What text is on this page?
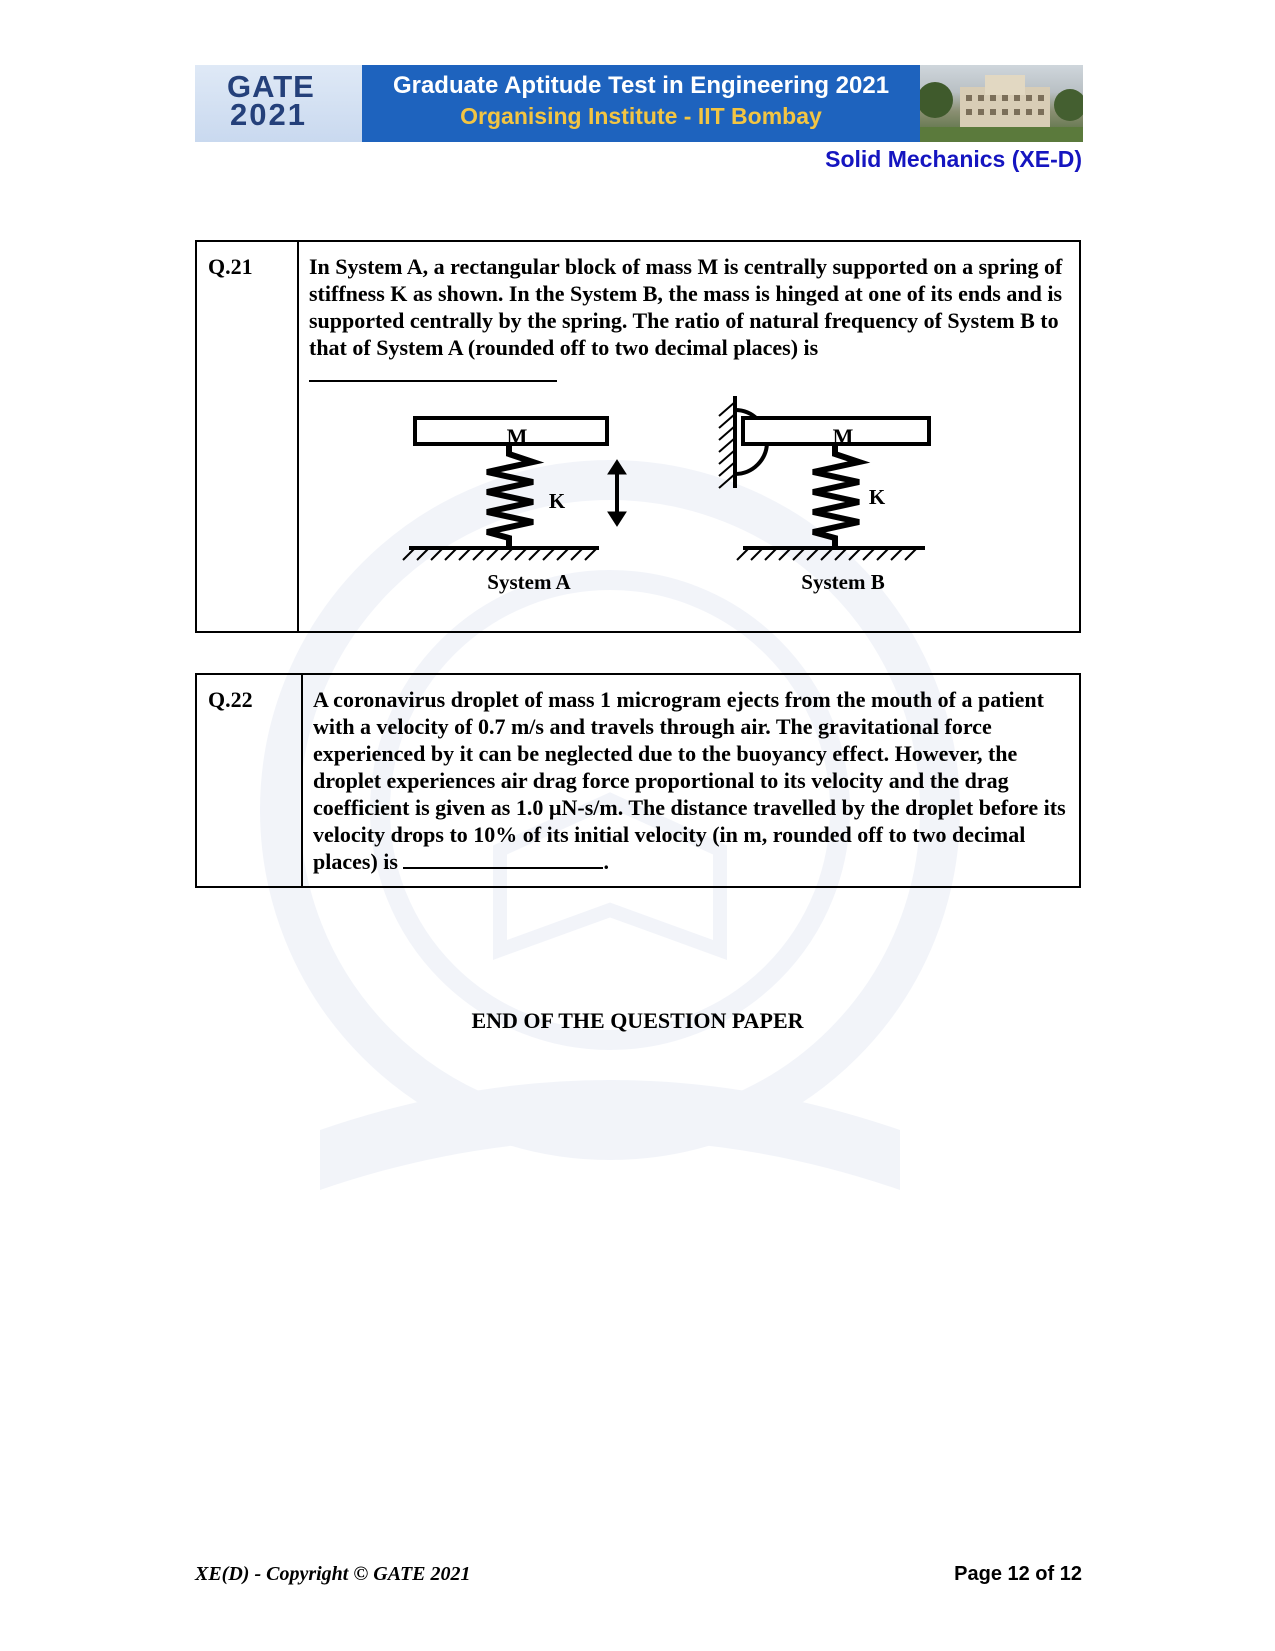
GATE
2021
Graduate Aptitude Test in Engineering 2021
Organising Institute - IIT Bombay
Solid Mechanics (XE-D)
Q.21	In System A, a rectangular block of mass M is centrally supported on a spring of stiffness K as shown. In the System B, the mass is hinged at one of its ends and is supported centrally by the spring. The ratio of natural frequency of System B to that of System A (rounded off to two decimal places) is
M
K
System A
M
K
System B
Q.22	A coronavirus droplet of mass 1 microgram ejects from the mouth of a patient with a velocity of 0.7 m/s and travels through air. The gravitational force experienced by it can be neglected due to the buoyancy effect. However, the droplet experiences air drag force proportional to its velocity and the drag coefficient is given as 1.0 µN-s/m. The distance travelled by the droplet before its velocity drops to 10% of its initial velocity (in m, rounded off to two decimal places) is	.
END OF THE QUESTION PAPER
XE(D) - Copyright © GATE 2021	Page 12 of 12
